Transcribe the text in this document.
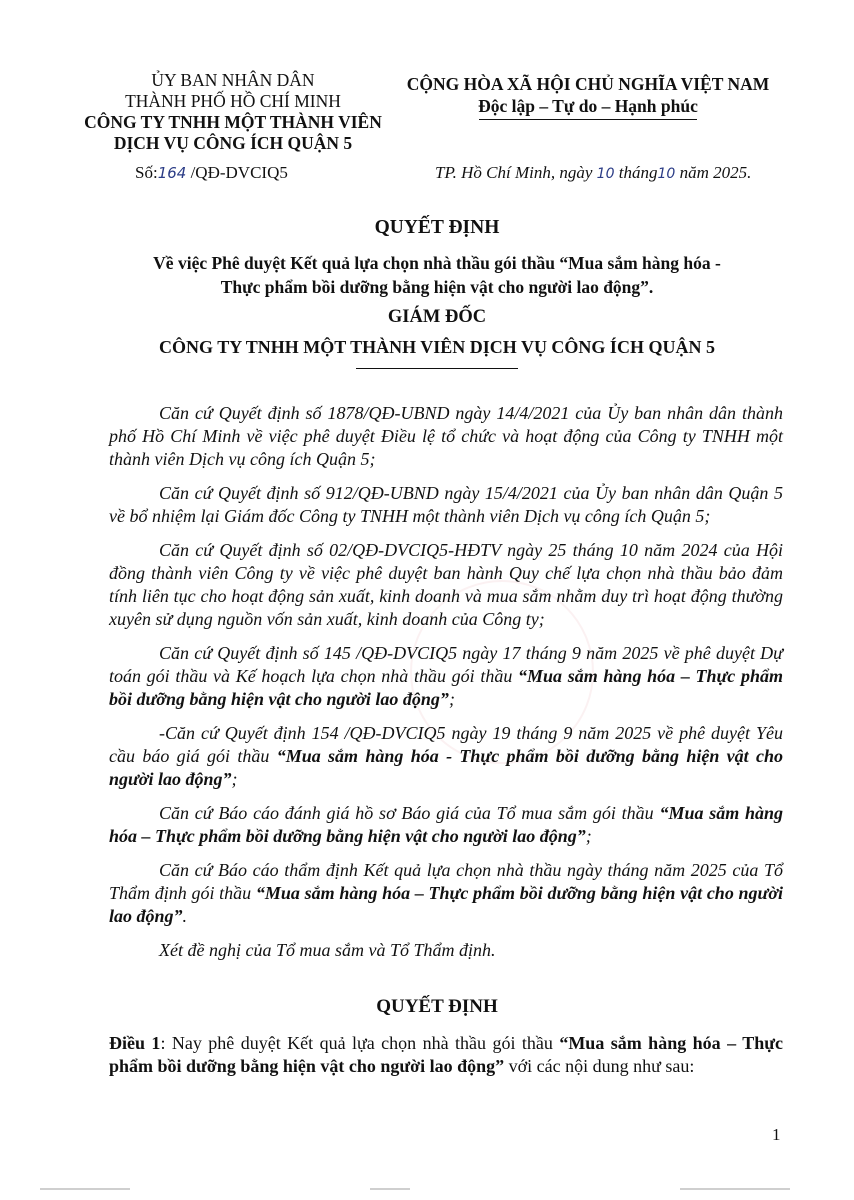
ỦY BAN NHÂN DÂN
THÀNH PHỐ HỒ CHÍ MINH
CÔNG TY TNHH MỘT THÀNH VIÊN
DỊCH VỤ CÔNG ÍCH QUẬN 5
Số:164 /QĐ-DVCIQ5
CỘNG HÒA XÃ HỘI CHỦ NGHĨA VIỆT NAM
Độc lập – Tự do – Hạnh phúc
TP. Hồ Chí Minh, ngày 10 tháng10 năm 2025.
QUYẾT ĐỊNH
Về việc Phê duyệt Kết quả lựa chọn nhà thầu gói thầu “Mua sắm hàng hóa -
Thực phẩm bồi dưỡng bằng hiện vật cho người lao động”.
GIÁM ĐỐC
CÔNG TY TNHH MỘT THÀNH VIÊN DỊCH VỤ CÔNG ÍCH QUẬN 5

Căn cứ Quyết định số 1878/QĐ-UBND ngày 14/4/2021 của Ủy ban nhân dân thành phố Hồ Chí Minh về việc phê duyệt Điều lệ tổ chức và hoạt động của Công ty TNHH một thành viên Dịch vụ công ích Quận 5;

Căn cứ Quyết định số 912/QĐ-UBND ngày 15/4/2021 của Ủy ban nhân dân Quận 5 về bổ nhiệm lại Giám đốc Công ty TNHH một thành viên Dịch vụ công ích Quận 5;

Căn cứ Quyết định số 02/QĐ-DVCIQ5-HĐTV ngày 25 tháng 10 năm 2024 của Hội đồng thành viên Công ty về việc phê duyệt ban hành Quy chế lựa chọn nhà thầu bảo đảm tính liên tục cho hoạt động sản xuất, kinh doanh và mua sắm nhằm duy trì hoạt động thường xuyên sử dụng nguồn vốn sản xuất, kinh doanh của Công ty;

Căn cứ Quyết định số 145 /QĐ-DVCIQ5 ngày 17 tháng 9 năm 2025 về phê duyệt Dự toán gói thầu và Kế hoạch lựa chọn nhà thầu gói thầu “Mua sắm hàng hóa – Thực phẩm bồi dưỡng bằng hiện vật cho người lao động”;

-Căn cứ Quyết định 154 /QĐ-DVCIQ5 ngày 19 tháng 9 năm 2025 về phê duyệt Yêu cầu báo giá gói thầu “Mua sắm hàng hóa - Thực phẩm bồi dưỡng bằng hiện vật cho người lao động”;

Căn cứ Báo cáo đánh giá hồ sơ Báo giá của Tổ mua sắm gói thầu “Mua sắm hàng hóa – Thực phẩm bồi dưỡng bằng hiện vật cho người lao động”;

Căn cứ Báo cáo thẩm định Kết quả lựa chọn nhà thầu ngày tháng năm 2025 của Tổ Thẩm định gói thầu “Mua sắm hàng hóa – Thực phẩm bồi dưỡng bằng hiện vật cho người lao động”.

Xét đề nghị của Tổ mua sắm và Tổ Thẩm định.

QUYẾT ĐỊNH
Điều 1: Nay phê duyệt Kết quả lựa chọn nhà thầu gói thầu “Mua sắm hàng hóa – Thực phẩm bồi dưỡng bằng hiện vật cho người lao động” với các nội dung như sau:
1
